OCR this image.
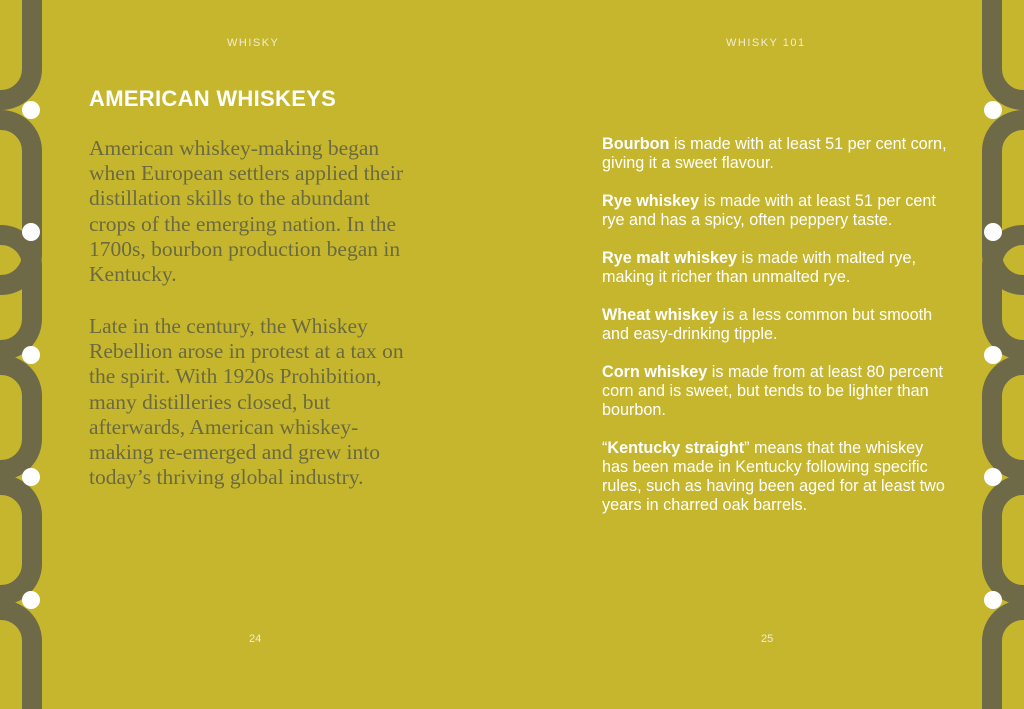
WHISKY
AMERICAN WHISKEYS

American whiskey-making began when European settlers applied their distillation skills to the abundant crops of the emerging nation. In the 1700s, bourbon production began in Kentucky.

Late in the century, the Whiskey Rebellion arose in protest at a tax on the spirit. With 1920s Prohibition, many distilleries closed, but afterwards, American whiskey-making re-emerged and grew into today’s thriving global industry.

24
WHISKY 101

Bourbon is made with at least 51 per cent corn, giving it a sweet flavour.

Rye whiskey is made with at least 51 per cent rye and has a spicy, often peppery taste.

Rye malt whiskey is made with malted rye, making it richer than unmalted rye.

Wheat whiskey is a less common but smooth and easy-drinking tipple.

Corn whiskey is made from at least 80 percent corn and is sweet, but tends to be lighter than bourbon.

“Kentucky straight” means that the whiskey has been made in Kentucky following specific rules, such as having been aged for at least two years in charred oak barrels.

25
